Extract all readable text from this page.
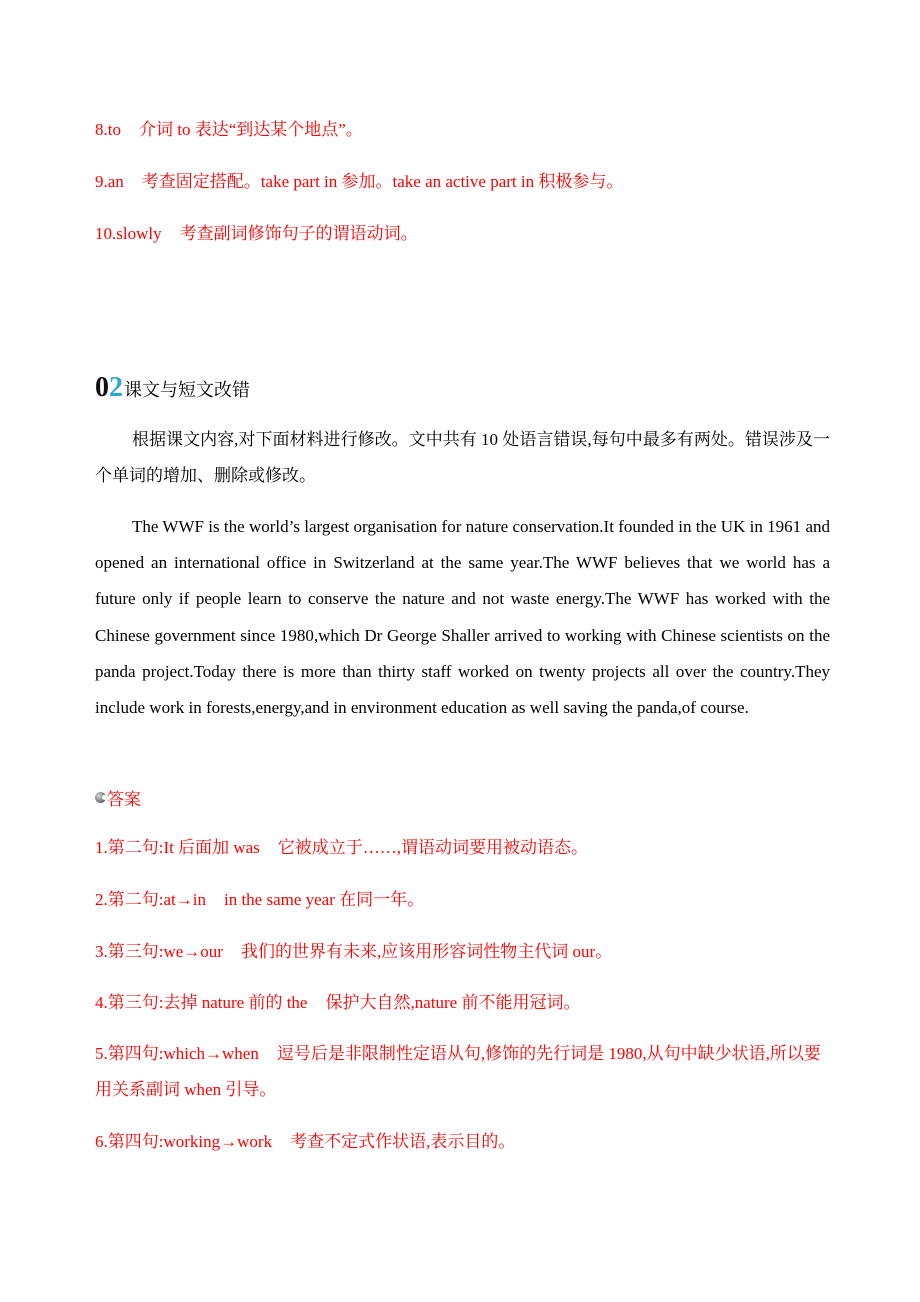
8.to 介词 to 表达“到达某个地点”。
9.an 考查固定搭配。take part in 参加。take an active part in 积极参与。
10.slowly 考查副词修饰句子的谓语动词。
0 2 课文与短文改错
根据课文内容,对下面材料进行修改。文中共有 10 处语言错误,每句中最多有两处。错误涉及一个单词的增加、删除或修改。
The WWF is the world’s largest organisation for nature conservation.It founded in the UK in 1961 and opened an international office in Switzerland at the same year.The WWF believes that we world has a future only if people learn to conserve the nature and not waste energy.The WWF has worked with the Chinese government since 1980,which Dr George Shaller arrived to working with Chinese scientists on the panda project.Today there is more than thirty staff worked on twenty projects all over the country.They include work in forests,energy,and in environment education as well saving the panda,of course.
答案
1.第二句:It 后面加 was 它被成立于……,谓语动词要用被动语态。
2.第二句:at→in in the same year 在同一年。
3.第三句:we→our 我们的世界有未来,应该用形容词性物主代词 our。
4.第三句:去掉 nature 前的 the 保护大自然,nature 前不能用冠词。
5.第四句:which→when 逗号后是非限制性定语从句,修饰的先行词是 1980,从句中缺少状语,所以要用关系副词 when 引导。
6.第四句:working→work 考查不定式作状语,表示目的。
